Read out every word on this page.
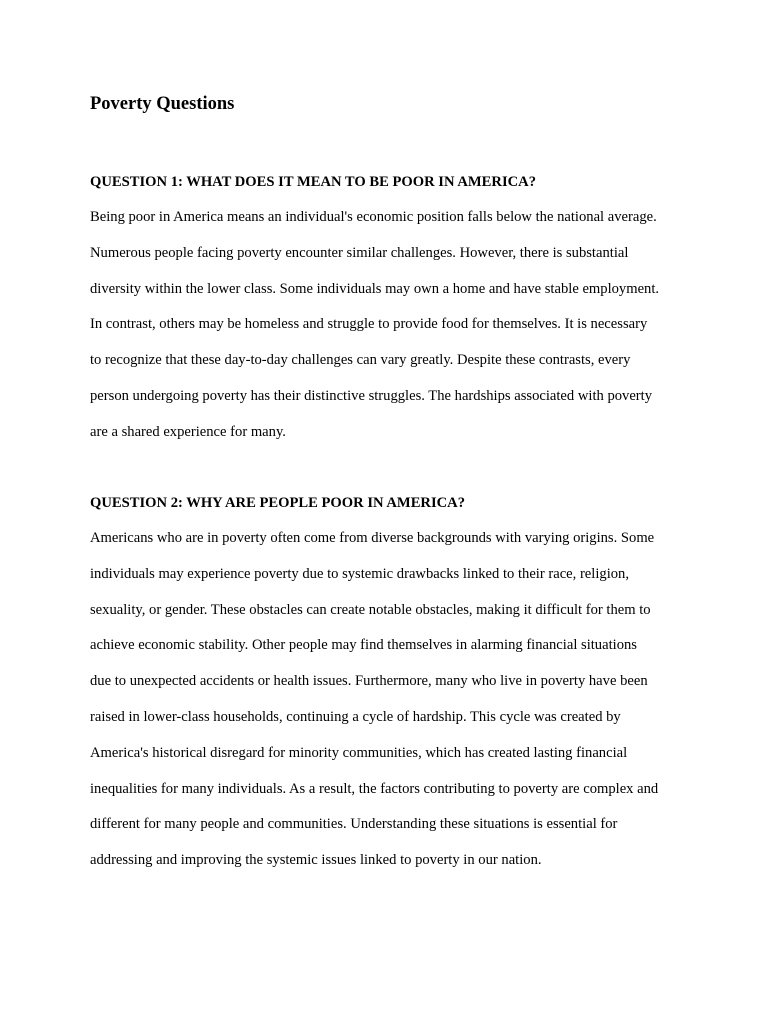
Poverty Questions
QUESTION 1: WHAT DOES IT MEAN TO BE POOR IN AMERICA?
Being poor in America means an individual's economic position falls below the national average.
Numerous people facing poverty encounter similar challenges. However, there is substantial
diversity within the lower class. Some individuals may own a home and have stable employment.
In contrast, others may be homeless and struggle to provide food for themselves. It is necessary
to recognize that these day-to-day challenges can vary greatly. Despite these contrasts, every
person undergoing poverty has their distinctive struggles. The hardships associated with poverty
are a shared experience for many.
QUESTION 2: WHY ARE PEOPLE POOR IN AMERICA?
Americans who are in poverty often come from diverse backgrounds with varying origins. Some
individuals may experience poverty due to systemic drawbacks linked to their race, religion,
sexuality, or gender. These obstacles can create notable obstacles, making it difficult for them to
achieve economic stability. Other people may find themselves in alarming financial situations
due to unexpected accidents or health issues. Furthermore, many who live in poverty have been
raised in lower-class households, continuing a cycle of hardship. This cycle was created by
America's historical disregard for minority communities, which has created lasting financial
inequalities for many individuals. As a result, the factors contributing to poverty are complex and
different for many people and communities. Understanding these situations is essential for
addressing and improving the systemic issues linked to poverty in our nation.
